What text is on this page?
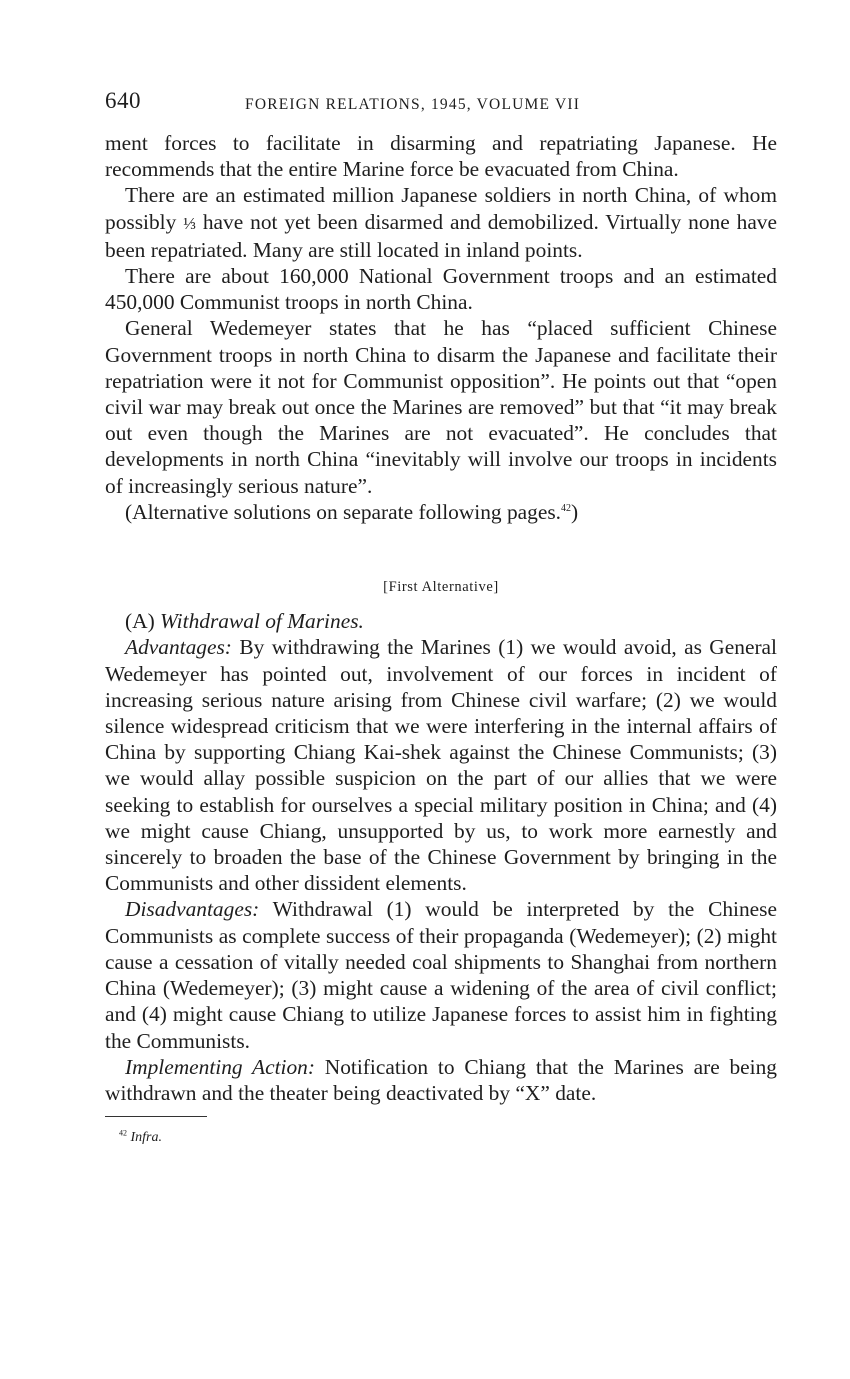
640	FOREIGN RELATIONS, 1945, VOLUME VII

ment forces to facilitate in disarming and repatriating Japanese. He recommends that the entire Marine force be evacuated from China.

There are an estimated million Japanese soldiers in north China, of whom possibly ⅓ have not yet been disarmed and demobilized. Virtually none have been repatriated. Many are still located in inland points.

There are about 160,000 National Government troops and an estimated 450,000 Communist troops in north China.

General Wedemeyer states that he has “placed sufficient Chinese Government troops in north China to disarm the Japanese and facilitate their repatriation were it not for Communist opposition”. He points out that “open civil war may break out once the Marines are removed” but that “it may break out even though the Marines are not evacuated”. He concludes that developments in north China “inevitably will involve our troops in incidents of increasingly serious nature”.

(Alternative solutions on separate following pages.$^{42}$)

[First Alternative]

(A) Withdrawal of Marines.

Advantages: By withdrawing the Marines (1) we would avoid, as General Wedemeyer has pointed out, involvement of our forces in incident of increasing serious nature arising from Chinese civil warfare; (2) we would silence widespread criticism that we were interfering in the internal affairs of China by supporting Chiang Kai-shek against the Chinese Communists; (3) we would allay possible suspicion on the part of our allies that we were seeking to establish for ourselves a special military position in China; and (4) we might cause Chiang, unsupported by us, to work more earnestly and sincerely to broaden the base of the Chinese Government by bringing in the Communists and other dissident elements.

Disadvantages: Withdrawal (1) would be interpreted by the Chinese Communists as complete success of their propaganda (Wedemeyer); (2) might cause a cessation of vitally needed coal shipments to Shanghai from northern China (Wedemeyer); (3) might cause a widening of the area of civil conflict; and (4) might cause Chiang to utilize Japanese forces to assist him in fighting the Communists.

Implementing Action: Notification to Chiang that the Marines are being withdrawn and the theater being deactivated by “X” date.

$^{42}$ Infra.
